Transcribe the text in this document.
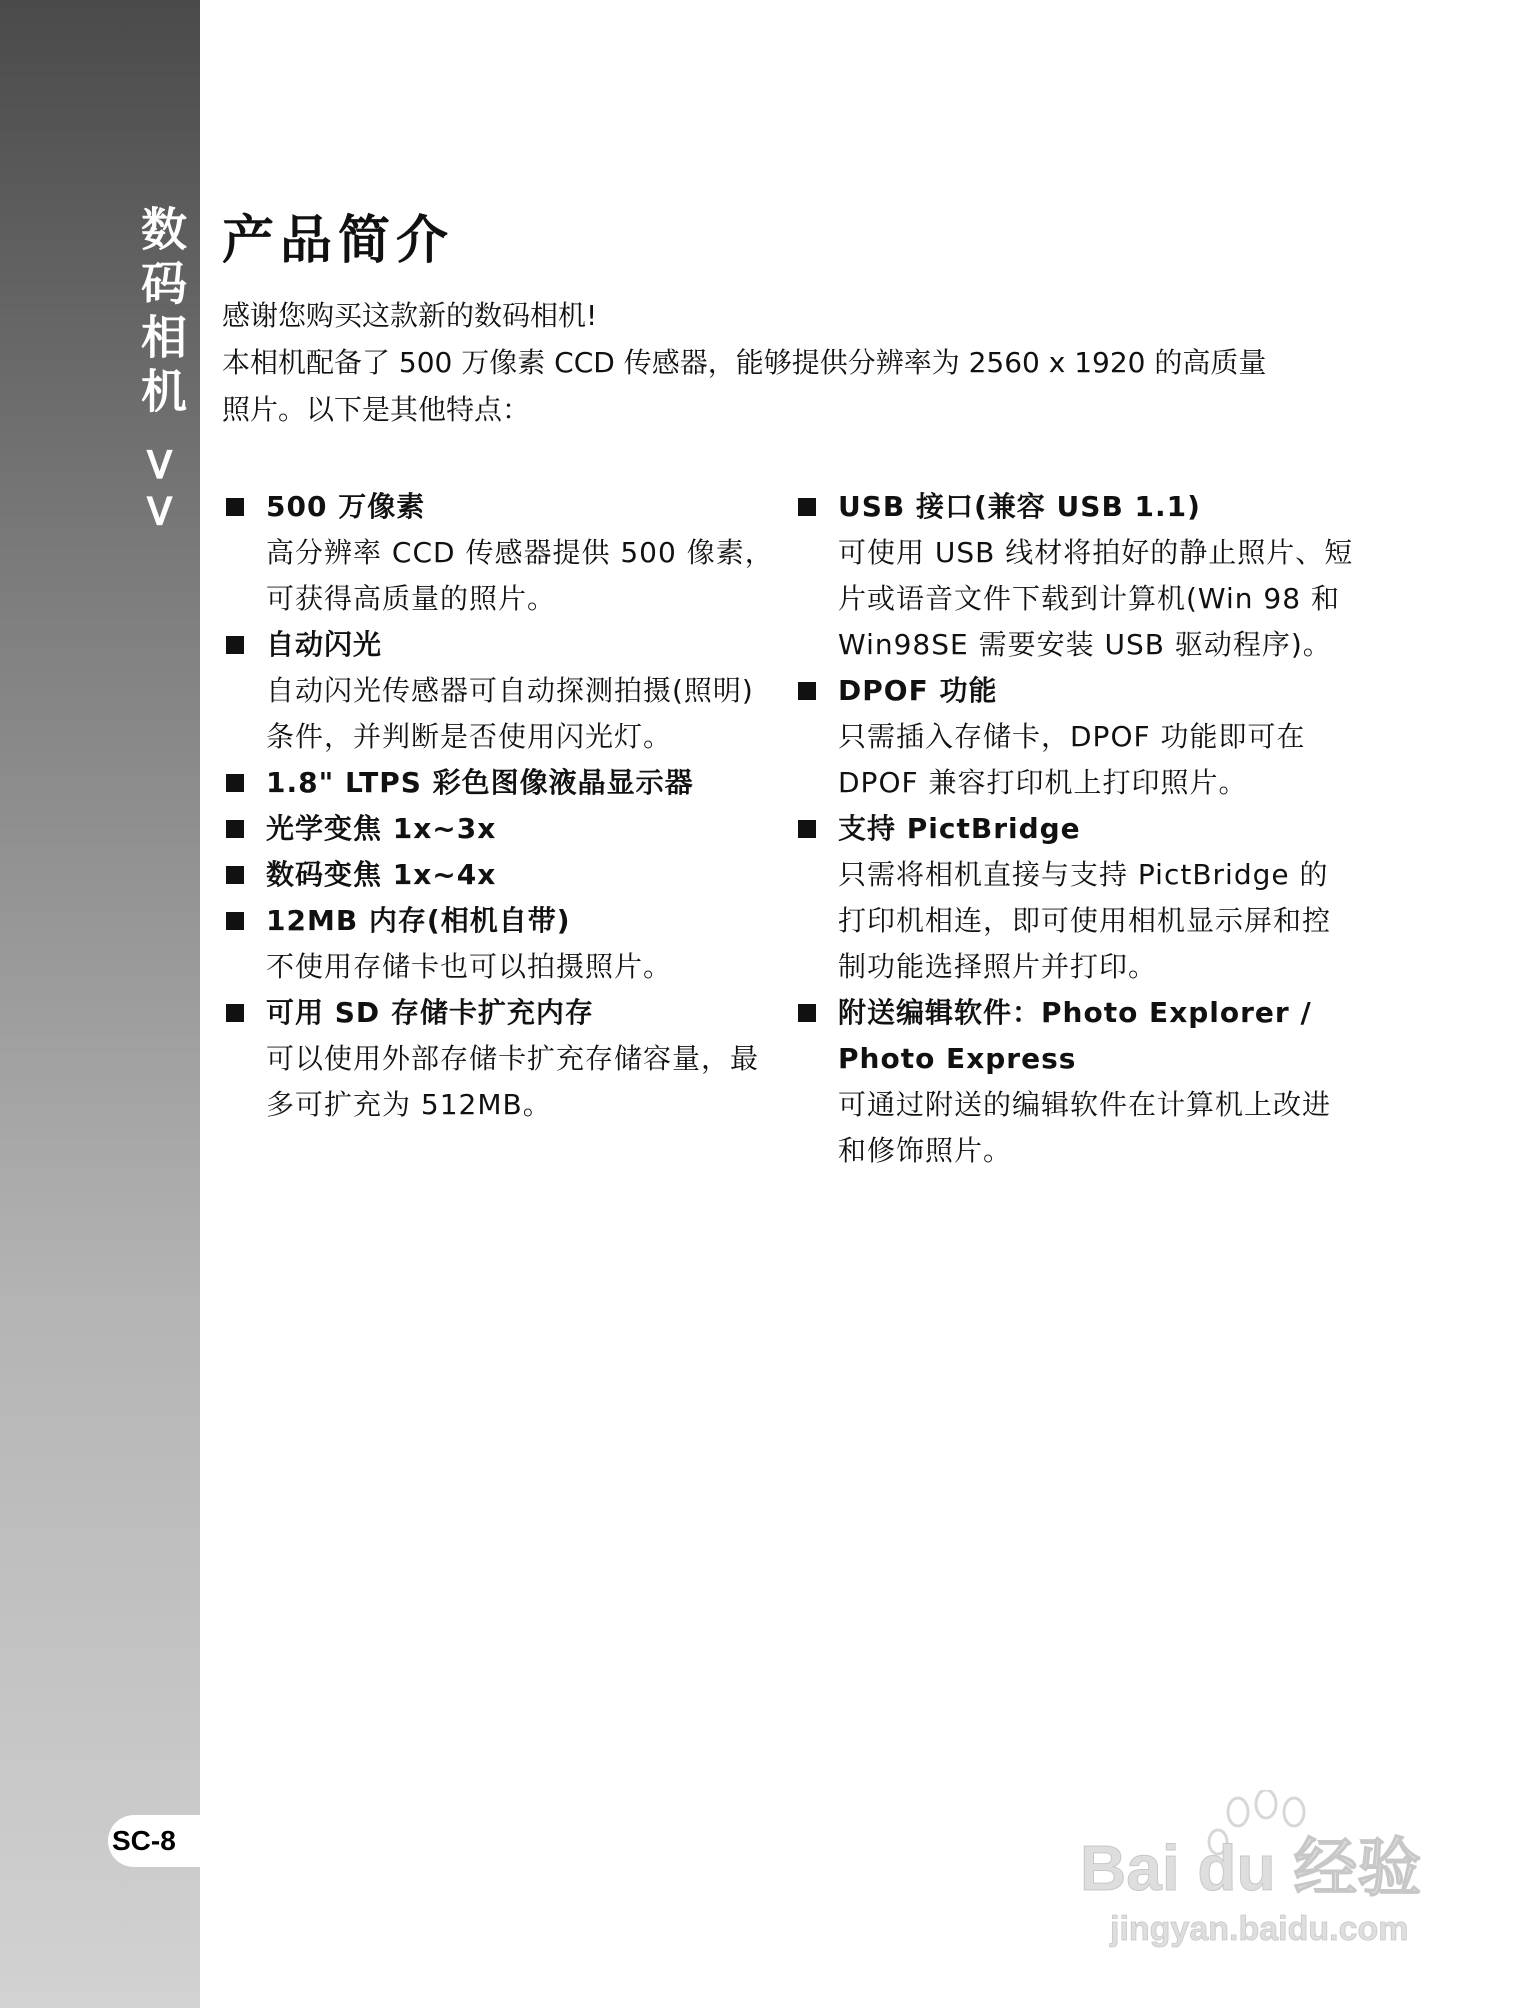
数码相机 >>
SC-8
产品简介

感谢您购买这款新的数码相机!

本相机配备了 500 万像素 CCD 传感器，能够提供分辨率为 2560 x 1920 的高质量

照片。以下是其他特点：

500 万像素
高分辨率 CCD 传感器提供 500 像素，可获得高质量的照片。
自动闪光
自动闪光传感器可自动探测拍摄(照明)条件，并判断是否使用闪光灯。
1.8" LTPS 彩色图像液晶显示器
光学变焦 1x~3x
数码变焦 1x~4x
12MB 内存(相机自带)
不使用存储卡也可以拍摄照片。
可用 SD 存储卡扩充内存
可以使用外部存储卡扩充存储容量，最多可扩充为 512MB。
USB 接口(兼容 USB 1.1)
可使用 USB 线材将拍好的静止照片、短片或语音文件下载到计算机(Win 98 和 Win98SE 需要安装 USB 驱动程序)。
DPOF 功能
只需插入存储卡，DPOF 功能即可在 DPOF 兼容打印机上打印照片。
支持 PictBridge
只需将相机直接与支持 PictBridge 的打印机相连，即可使用相机显示屏和控制功能选择照片并打印。
附送编辑软件：Photo Explorer / Photo Express
可通过附送的编辑软件在计算机上改进和修饰照片。
Bai du 经验
jingyan.baidu.com
